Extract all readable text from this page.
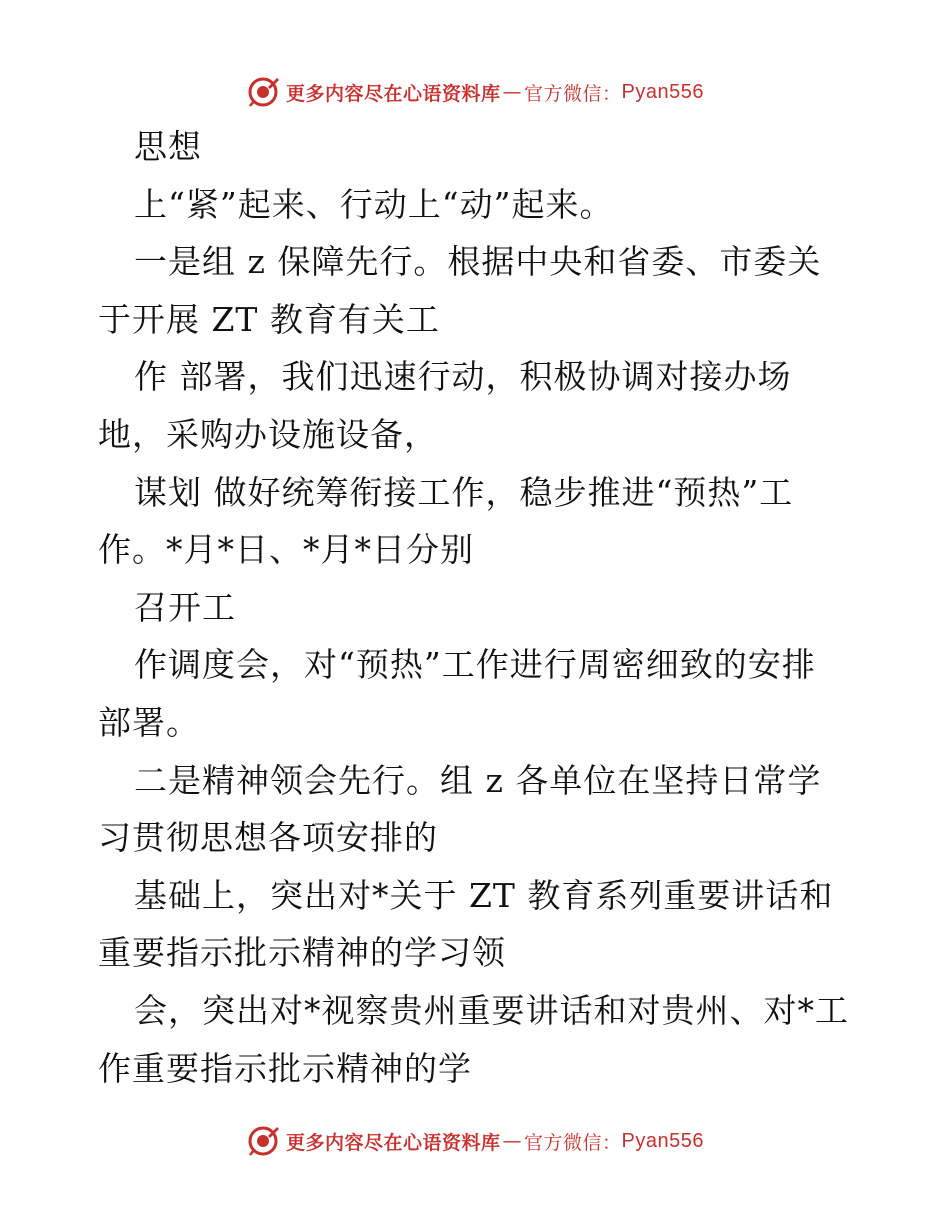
更多内容尽在心语资料库 — 官方微信： Pyan556

思想

上“紧”起来、行动上“动”起来。

一是组 z 保障先行。根据中央和省委、市委关

于开展 ZT 教育有关工

作 部署，我们迅速行动，积极协调对接办场

地，采购办设施设备，

谋划 做好统筹衔接工作，稳步推进“预热”工

作。*月*日、*月*日分别

召开工

作调度会，对“预热”工作进行周密细致的安排

部署。

二是精神领会先行。组 z 各单位在坚持日常学

习贯彻思想各项安排的

基础上，突出对*关于 ZT 教育系列重要讲话和

重要指示批示精神的学习领

会，突出对*视察贵州重要讲话和对贵州、对*工

作重要指示批示精神的学

更多内容尽在心语资料库 — 官方微信： Pyan556
